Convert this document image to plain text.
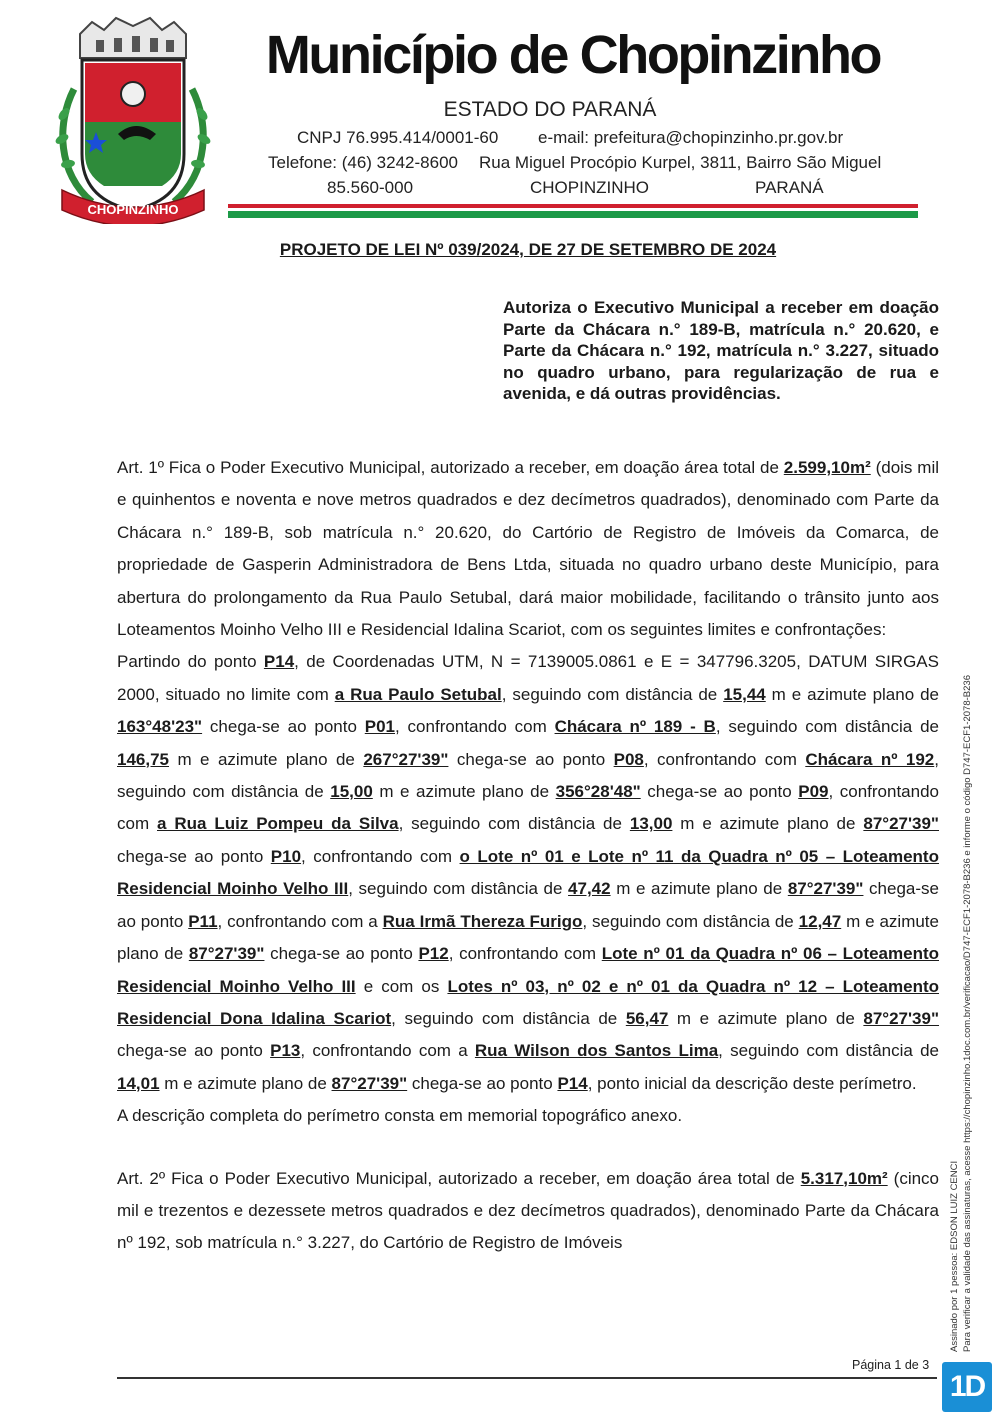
CHOPINZINHO
Município de Chopinzinho
ESTADO DO PARANÁ
CNPJ 76.995.414/0001-60 e-mail: prefeitura@chopinzinho.pr.gov.br
Telefone: (46) 3242-8600 Rua Miguel Procópio Kurpel, 3811, Bairro São Miguel
85.560-000	CHOPINZINHO	PARANÁ
PROJETO DE LEI Nº 039/2024, DE 27 DE SETEMBRO DE 2024
Autoriza o Executivo Municipal a receber em doação Parte da Chácara n.° 189-B, matrícula n.° 20.620, e Parte da Chácara n.° 192, matrícula n.° 3.227, situado no quadro urbano, para regularização de rua e avenida, e dá outras providências.

Art. 1º Fica o Poder Executivo Municipal, autorizado a receber, em doação área total de 2.599,10m² (dois mil e quinhentos e noventa e nove metros quadrados e dez decímetros quadrados), denominado com Parte da Chácara n.° 189-B, sob matrícula n.° 20.620, do Cartório de Registro de Imóveis da Comarca, de propriedade de Gasperin Administradora de Bens Ltda, situada no quadro urbano deste Município, para abertura do prolongamento da Rua Paulo Setubal, dará maior mobilidade, facilitando o trânsito junto aos Loteamentos Moinho Velho III e Residencial Idalina Scariot, com os seguintes limites e confrontações:

Partindo do ponto P14, de Coordenadas UTM, N = 7139005.0861 e E = 347796.3205, DATUM SIRGAS 2000, situado no limite com a Rua Paulo Setubal, seguindo com distância de 15,44 m e azimute plano de 163°48'23" chega-se ao ponto P01, confrontando com Chácara nº 189 - B, seguindo com distância de 146,75 m e azimute plano de 267°27'39" chega-se ao ponto P08, confrontando com Chácara nº 192, seguindo com distância de 15,00 m e azimute plano de 356°28'48" chega-se ao ponto P09, confrontando com a Rua Luiz Pompeu da Silva, seguindo com distância de 13,00 m e azimute plano de 87°27'39" chega-se ao ponto P10, confrontando com o Lote nº 01 e Lote nº 11 da Quadra nº 05 – Loteamento Residencial Moinho Velho III, seguindo com distância de 47,42 m e azimute plano de 87°27'39" chega-se ao ponto P11, confrontando com a Rua Irmã Thereza Furigo, seguindo com distância de 12,47 m e azimute plano de 87°27'39" chega-se ao ponto P12, confrontando com Lote nº 01 da Quadra nº 06 – Loteamento Residencial Moinho Velho III e com os Lotes nº 03, nº 02 e nº 01 da Quadra nº 12 – Loteamento Residencial Dona Idalina Scariot, seguindo com distância de 56,47 m e azimute plano de 87°27'39" chega-se ao ponto P13, confrontando com a Rua Wilson dos Santos Lima, seguindo com distância de 14,01 m e azimute plano de 87°27'39" chega-se ao ponto P14, ponto inicial da descrição deste perímetro.

A descrição completa do perímetro consta em memorial topográfico anexo.

Art. 2º Fica o Poder Executivo Municipal, autorizado a receber, em doação área total de 5.317,10m² (cinco mil e trezentos e dezessete metros quadrados e dez decímetros quadrados), denominado Parte da Chácara nº 192, sob matrícula n.° 3.227, do Cartório de Registro de Imóveis	Assinado por 1 pessoa: EDSON LUIZ CENCI Para verificar a validade das assinaturas, acesse https://chopinzinho.1doc.com.br/verificacao/D747-ECF1-2078-B236 e informe o código D747-ECF1-2078-B236
Página 1 de 3
1D
